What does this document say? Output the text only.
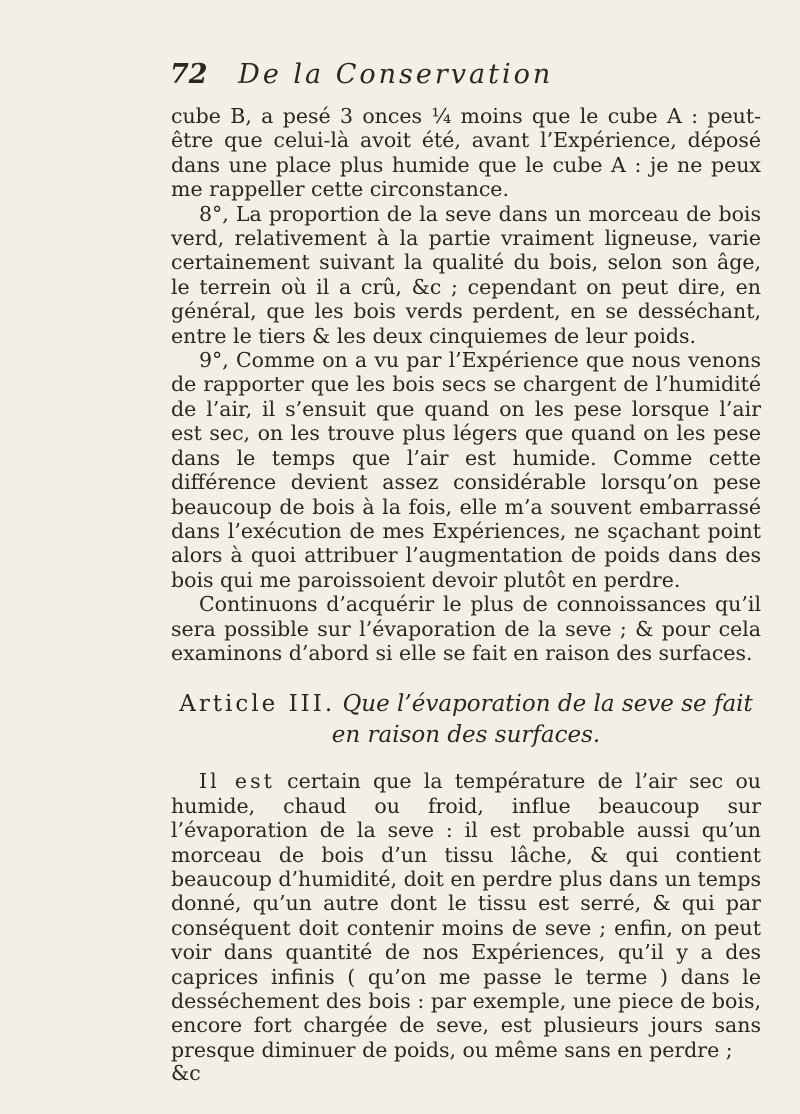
72 De la Conservation

cube B, a pesé 3 onces ¼ moins que le cube A : peut-être que celui-là avoit été, avant l’Expérience, déposé dans une place plus humide que le cube A : je ne peux me rappeller cette circonstance.

8°, La proportion de la seve dans un morceau de bois verd, relativement à la partie vraiment ligneuse, varie certainement suivant la qualité du bois, selon son âge, le terrein où il a crû, &c ; cependant on peut dire, en général, que les bois verds perdent, en se desséchant, entre le tiers & les deux cinquiemes de leur poids.

9°, Comme on a vu par l’Expérience que nous venons de rapporter que les bois secs se chargent de l’humidité de l’air, il s’ensuit que quand on les pese lorsque l’air est sec, on les trouve plus légers que quand on les pese dans le temps que l’air est humide. Comme cette différence devient assez considérable lorsqu’on pese beaucoup de bois à la fois, elle m’a souvent embarrassé dans l’exécution de mes Expériences, ne sçachant point alors à quoi attribuer l’augmentation de poids dans des bois qui me paroissoient devoir plutôt en perdre.

Continuons d’acquérir le plus de connoissances qu’il sera possible sur l’évaporation de la seve ; & pour cela examinons d’abord si elle se fait en raison des surfaces.

Article III. Que l’évaporation de la seve se fait en raison des surfaces.

Il est certain que la température de l’air sec ou humide, chaud ou froid, influe beaucoup sur l’évaporation de la seve : il est probable aussi qu’un morceau de bois d’un tissu lâche, & qui contient beaucoup d’humidité, doit en perdre plus dans un temps donné, qu’un autre dont le tissu est serré, & qui par conséquent doit contenir moins de seve ; enfin, on peut voir dans quantité de nos Expériences, qu’il y a des caprices infinis ( qu’on me passe le terme ) dans le desséchement des bois : par exemple, une piece de bois, encore fort chargée de seve, est plusieurs jours sans presque diminuer de poids, ou même sans en perdre ;

&c
